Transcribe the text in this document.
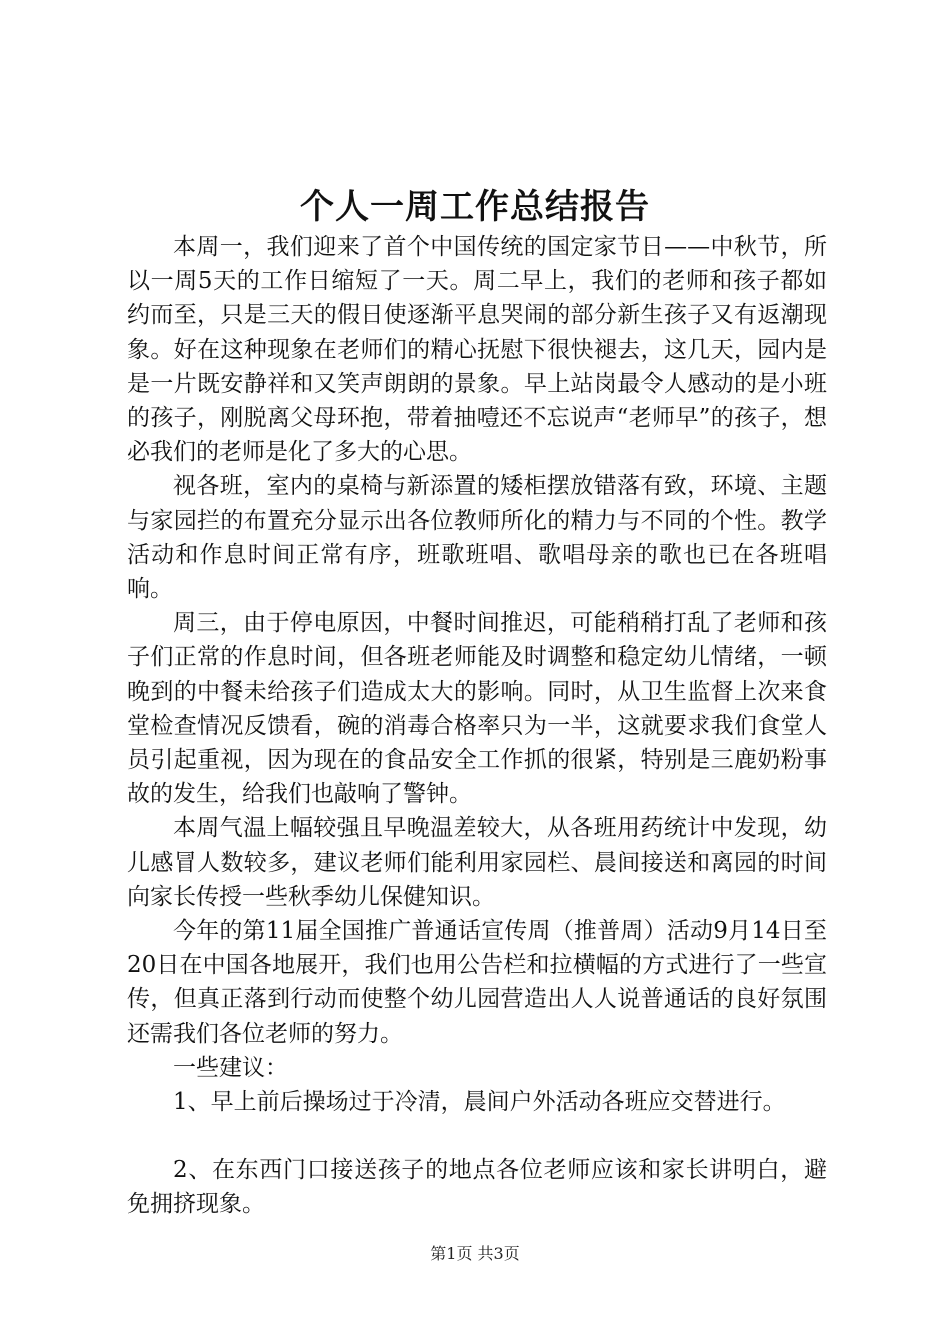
个人一周工作总结报告

本周一，我们迎来了首个中国传统的国定家节日——中秋节，所以一周5天的工作日缩短了一天。周二早上，我们的老师和孩子都如约而至，只是三天的假日使逐渐平息哭闹的部分新生孩子又有返潮现象。好在这种现象在老师们的精心抚慰下很快褪去，这几天，园内是是一片既安静祥和又笑声朗朗的景象。早上站岗最令人感动的是小班的孩子，刚脱离父母环抱，带着抽噎还不忘说声“老师早”的孩子，想必我们的老师是化了多大的心思。

视各班，室内的桌椅与新添置的矮柜摆放错落有致，环境、主题与家园拦的布置充分显示出各位教师所化的精力与不同的个性。教学活动和作息时间正常有序，班歌班唱、歌唱母亲的歌也已在各班唱响。

周三，由于停电原因，中餐时间推迟，可能稍稍打乱了老师和孩子们正常的作息时间，但各班老师能及时调整和稳定幼儿情绪，一顿晚到的中餐未给孩子们造成太大的影响。同时，从卫生监督上次来食堂检查情况反馈看，碗的消毒合格率只为一半，这就要求我们食堂人员引起重视，因为现在的食品安全工作抓的很紧，特别是三鹿奶粉事故的发生，给我们也敲响了警钟。

本周气温上幅较强且早晚温差较大，从各班用药统计中发现，幼儿感冒人数较多，建议老师们能利用家园栏、晨间接送和离园的时间向家长传授一些秋季幼儿保健知识。

今年的第11届全国推广普通话宣传周（推普周）活动9月14日至20日在中国各地展开，我们也用公告栏和拉横幅的方式进行了一些宣传，但真正落到行动而使整个幼儿园营造出人人说普通话的良好氛围还需我们各位老师的努力。

一些建议：

1、早上前后操场过于冷清，晨间户外活动各班应交替进行。

2、在东西门口接送孩子的地点各位老师应该和家长讲明白，避免拥挤现象。

第1页 共3页
